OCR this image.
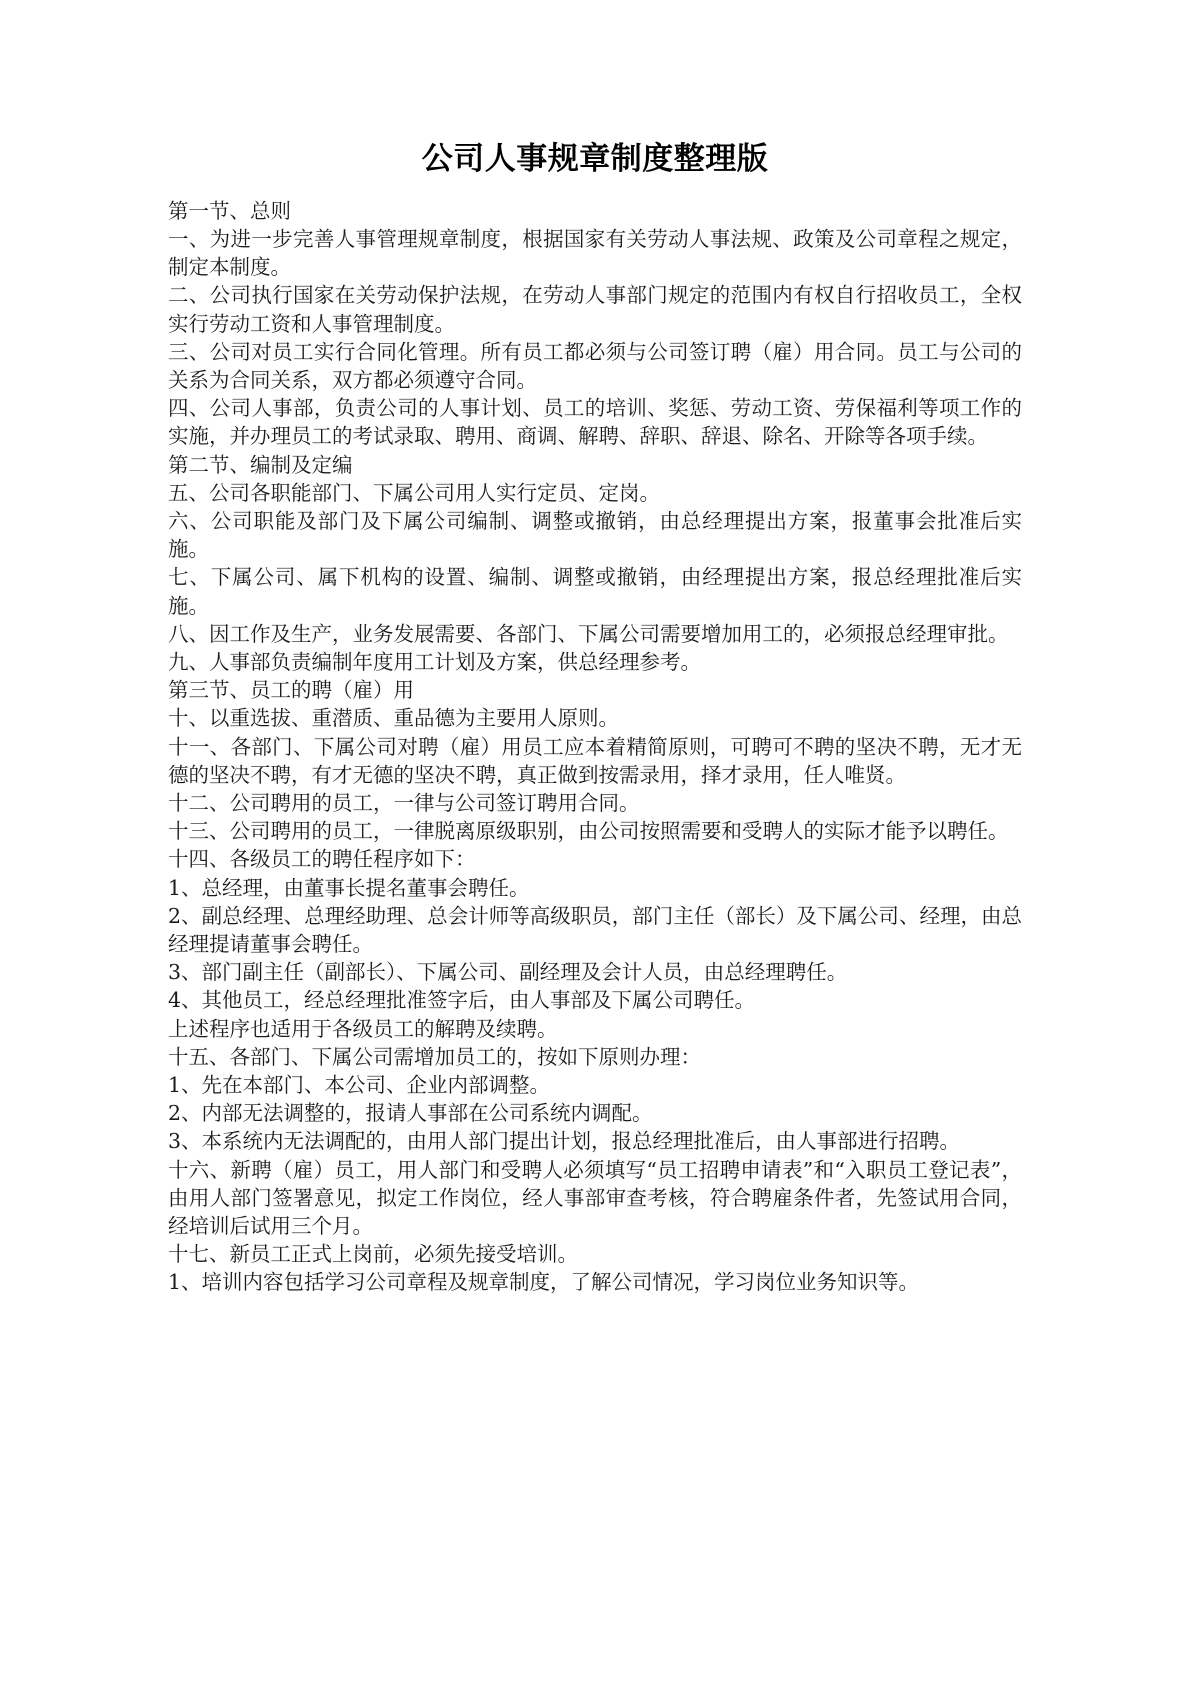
公司人事规章制度整理版

第一节、总则

一、为进一步完善人事管理规章制度，根据国家有关劳动人事法规、政策及公司章程之规定，制定本制度。

二、公司执行国家在关劳动保护法规，在劳动人事部门规定的范围内有权自行招收员工，全权实行劳动工资和人事管理制度。

三、公司对员工实行合同化管理。所有员工都必须与公司签订聘（雇）用合同。员工与公司的关系为合同关系，双方都必须遵守合同。

四、公司人事部，负责公司的人事计划、员工的培训、奖惩、劳动工资、劳保福利等项工作的实施，并办理员工的考试录取、聘用、商调、解聘、辞职、辞退、除名、开除等各项手续。

第二节、编制及定编

五、公司各职能部门、下属公司用人实行定员、定岗。

六、公司职能及部门及下属公司编制、调整或撤销，由总经理提出方案，报董事会批准后实施。

七、下属公司、属下机构的设置、编制、调整或撤销，由经理提出方案，报总经理批准后实施。

八、因工作及生产，业务发展需要、各部门、下属公司需要增加用工的，必须报总经理审批。

九、人事部负责编制年度用工计划及方案，供总经理参考。

第三节、员工的聘（雇）用

十、以重选拔、重潜质、重品德为主要用人原则。

十一、各部门、下属公司对聘（雇）用员工应本着精简原则，可聘可不聘的坚决不聘，无才无德的坚决不聘，有才无德的坚决不聘，真正做到按需录用，择才录用，任人唯贤。

十二、公司聘用的员工，一律与公司签订聘用合同。

十三、公司聘用的员工，一律脱离原级职别，由公司按照需要和受聘人的实际才能予以聘任。

十四、各级员工的聘任程序如下：

1、总经理，由董事长提名董事会聘任。

2、副总经理、总理经助理、总会计师等高级职员，部门主任（部长）及下属公司、经理，由总经理提请董事会聘任。

3、部门副主任（副部长）、下属公司、副经理及会计人员，由总经理聘任。

4、其他员工，经总经理批准签字后，由人事部及下属公司聘任。

上述程序也适用于各级员工的解聘及续聘。

十五、各部门、下属公司需增加员工的，按如下原则办理：

1、先在本部门、本公司、企业内部调整。

2、内部无法调整的，报请人事部在公司系统内调配。

3、本系统内无法调配的，由用人部门提出计划，报总经理批准后，由人事部进行招聘。

十六、新聘（雇）员工，用人部门和受聘人必须填写“员工招聘申请表”和“入职员工登记表”，由用人部门签署意见，拟定工作岗位，经人事部审查考核，符合聘雇条件者，先签试用合同，经培训后试用三个月。

十七、新员工正式上岗前，必须先接受培训。

1、培训内容包括学习公司章程及规章制度，了解公司情况，学习岗位业务知识等。
